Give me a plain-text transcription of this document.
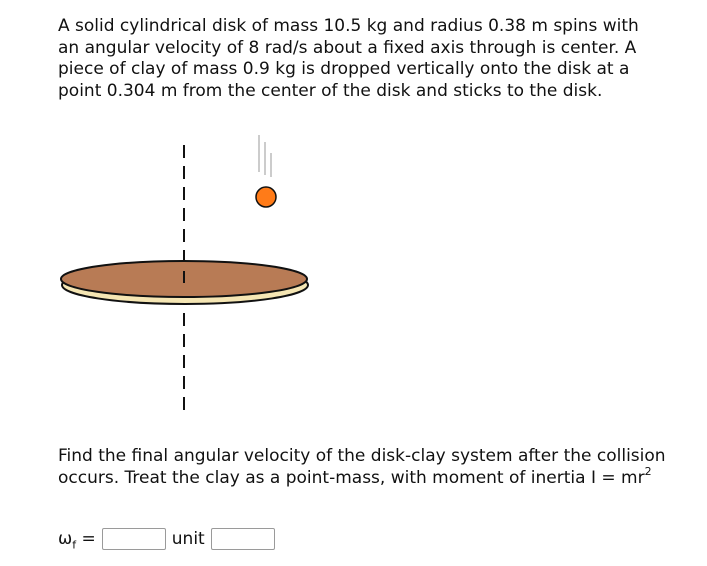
A solid cylindrical disk of mass 10.5 kg and radius 0.38 m spins with an angular velocity of 8 rad/s about a fixed axis through is center. A piece of clay of mass 0.9 kg is dropped vertically onto the disk at a point 0.304 m from the center of the disk and sticks to the disk.

Find the final angular velocity of the disk-clay system after the collision occurs. Treat the clay as a point-mass, with moment of inertia $I = mr^2$

$\omega_f$ =	unit
